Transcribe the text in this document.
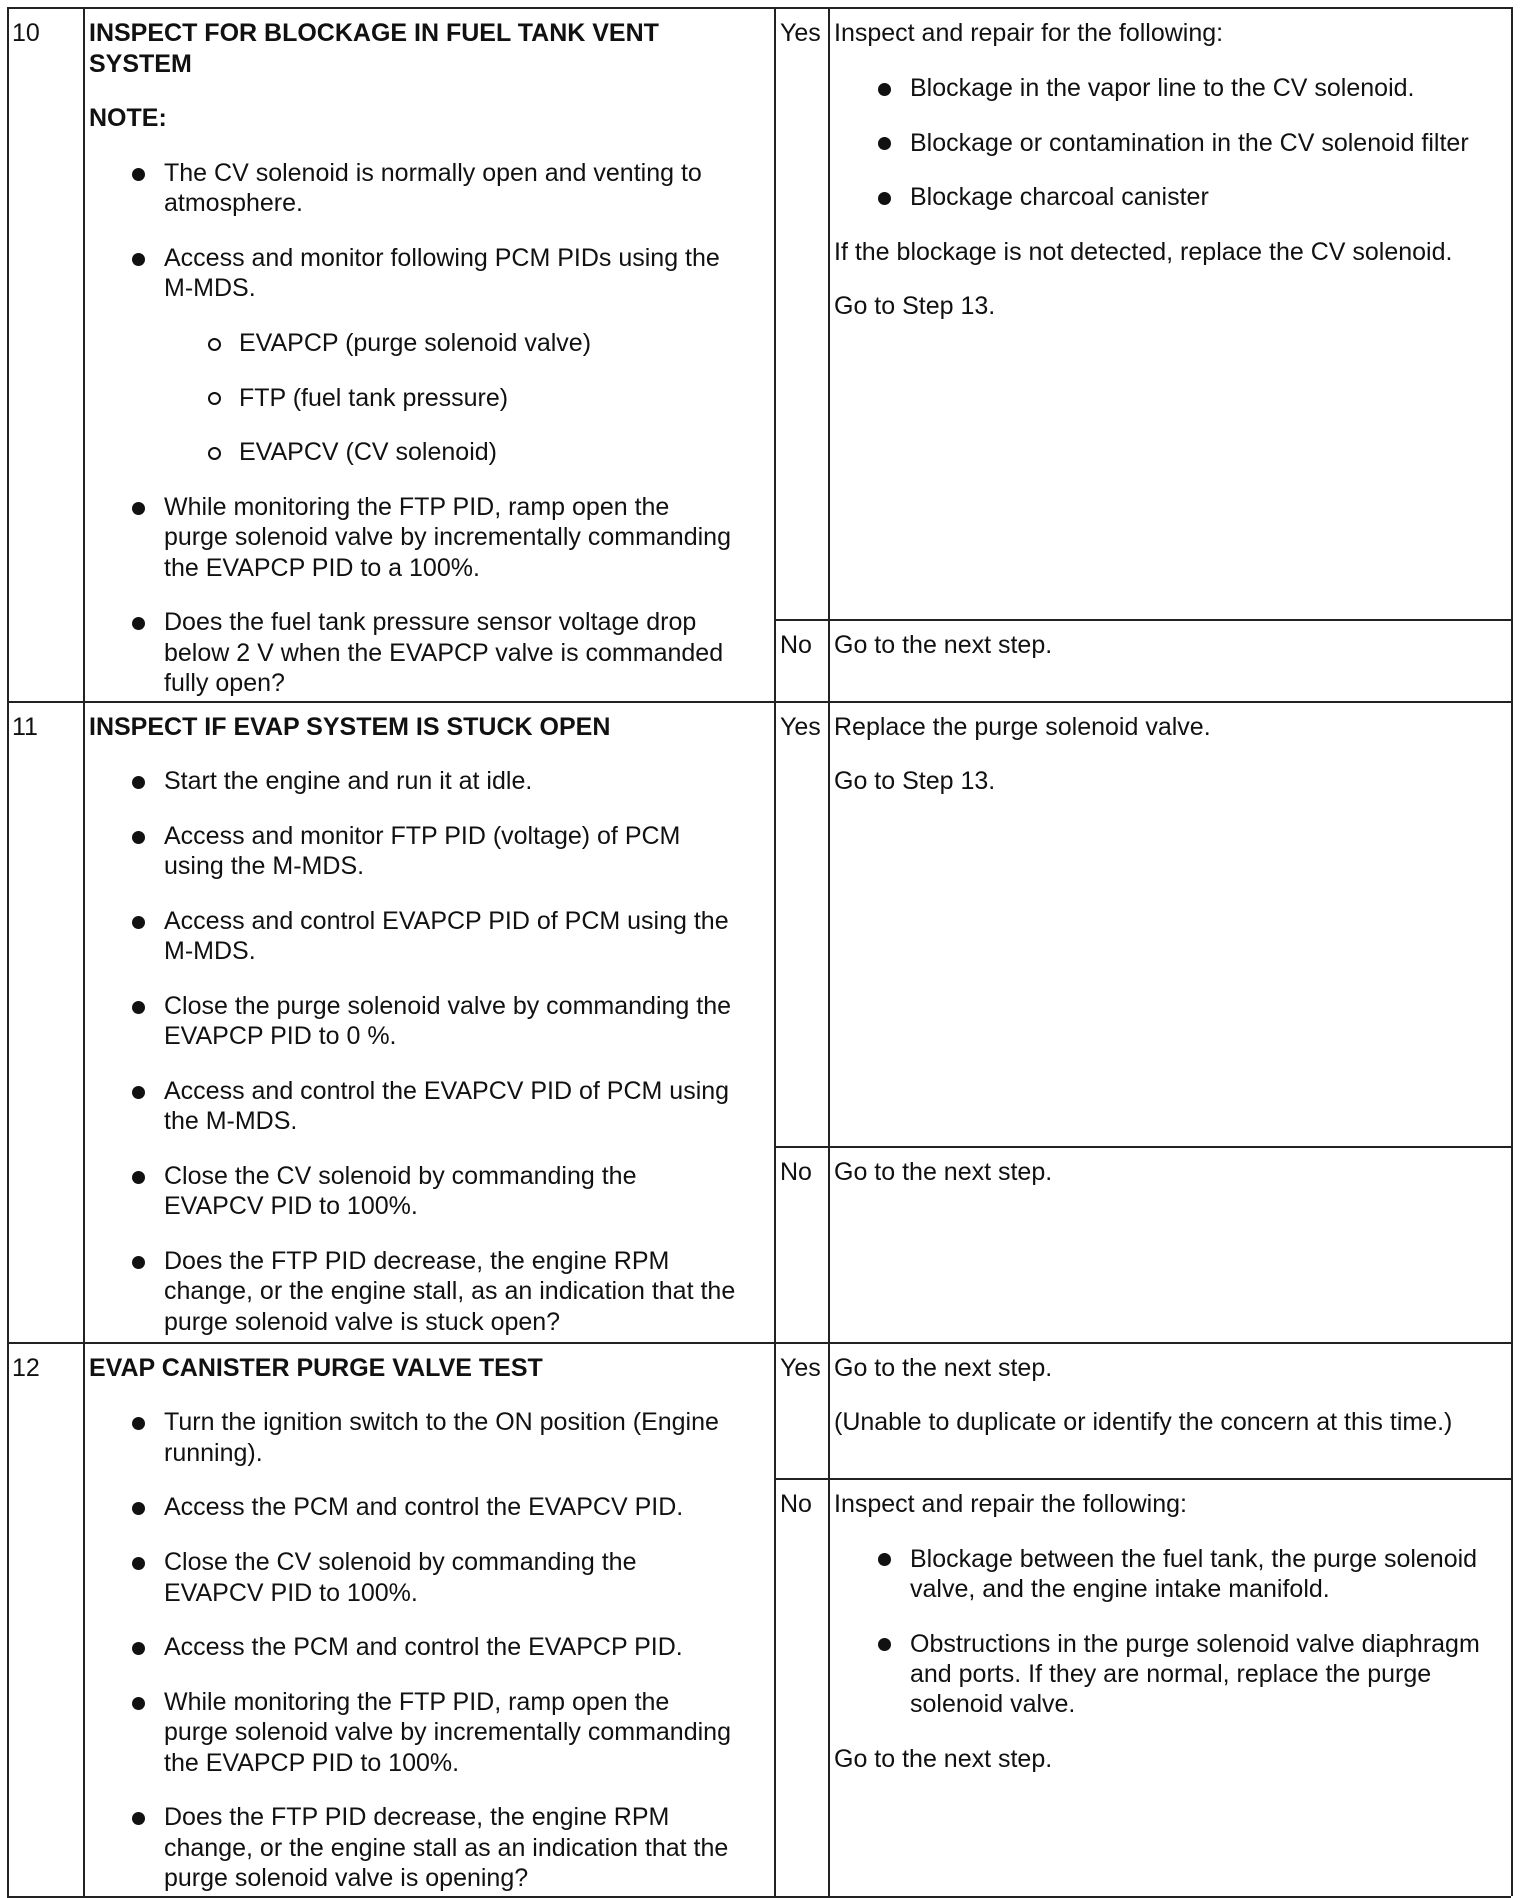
10 INSPECT FOR BLOCKAGE IN FUEL TANK VENT
SYSTEM
NOTE:
The CV solenoid is normally open and venting to
atmosphere.
Access and monitor following PCM PIDs using the
M-MDS.
EVAPCP (purge solenoid valve)
FTP (fuel tank pressure)
EVAPCV (CV solenoid)
While monitoring the FTP PID, ramp open the
purge solenoid valve by incrementally commanding
the EVAPCP PID to a 100%.
Does the fuel tank pressure sensor voltage drop
below 2 V when the EVAPCP valve is commanded
fully open?
Yes Inspect and repair for the following:
Blockage in the vapor line to the CV solenoid.
Blockage or contamination in the CV solenoid filter
Blockage charcoal canister
If the blockage is not detected, replace the CV solenoid.
Go to Step 13.
No Go to the next step.
11 INSPECT IF EVAP SYSTEM IS STUCK OPEN
Start the engine and run it at idle.
Access and monitor FTP PID (voltage) of PCM
using the M-MDS.
Access and control EVAPCP PID of PCM using the
M-MDS.
Close the purge solenoid valve by commanding the
EVAPCP PID to 0 %.
Access and control the EVAPCV PID of PCM using
the M-MDS.
Close the CV solenoid by commanding the
EVAPCV PID to 100%.
Does the FTP PID decrease, the engine RPM
change, or the engine stall, as an indication that the
purge solenoid valve is stuck open?
Yes Replace the purge solenoid valve.
Go to Step 13.
No Go to the next step.
12 EVAP CANISTER PURGE VALVE TEST
Turn the ignition switch to the ON position (Engine
running).
Access the PCM and control the EVAPCV PID.
Close the CV solenoid by commanding the
EVAPCV PID to 100%.
Access the PCM and control the EVAPCP PID.
While monitoring the FTP PID, ramp open the
purge solenoid valve by incrementally commanding
the EVAPCP PID to 100%.
Does the FTP PID decrease, the engine RPM
change, or the engine stall as an indication that the
purge solenoid valve is opening?
Yes Go to the next step.
(Unable to duplicate or identify the concern at this time.)
No Inspect and repair the following:
Blockage between the fuel tank, the purge solenoid
valve, and the engine intake manifold.
Obstructions in the purge solenoid valve diaphragm
and ports. If they are normal, replace the purge
solenoid valve.
Go to the next step.
